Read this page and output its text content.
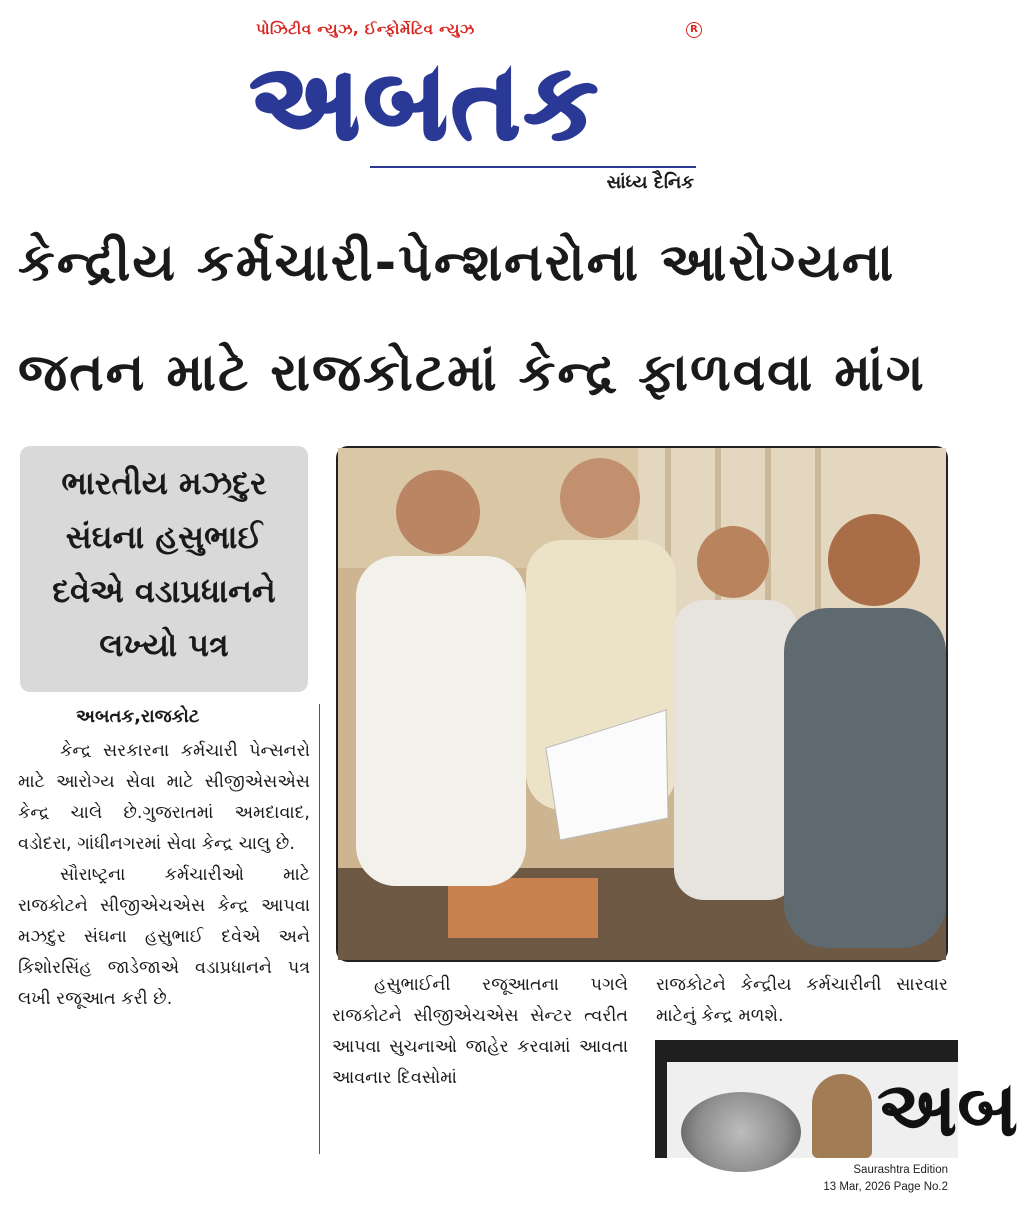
પોઝિટીવ ન્યુઝ, ઈન્ફોર્મેટિવ ન્યુઝ	R
અબતક
સાંધ્ય દૈનિક
કેન્દ્રીય કર્મચારી-પેન્શનરોના આરોગ્યના
જતન માટે રાજકોટમાં કેન્દ્ર ફાળવવા માંગ
ભારતીય મઝદુર સંઘના હસુભાઈ દવેએ વડાપ્રધાનને લખ્યો પત્ર
અબતક,રાજકોટ

કેન્દ્ર સરકારના કર્મચારી પેન્સનરો માટે આરોગ્ય સેવા માટે સીજીએસએસ કેન્દ્ર ચાલે છે.ગુજરાતમાં અમદાવાદ, વડોદરા, ગાંધીનગરમાં સેવા કેન્દ્ર ચાલુ છે.

સૌરાષ્ટ્રના કર્મચારીઓ માટે રાજકોટને સીજીએચએસ કેન્દ્ર આપવા મઝદુર સંઘના હસુભાઈ દવેએ અને કિશોરસિંહ જાડેજાએ વડાપ્રધાનને પત્ર લખી રજૂઆત કરી છે.

હસુભાઈની રજૂઆતના પગલે રાજકોટને સીજીએચએસ સેન્ટર ત્વરીત આપવા સુચનાઓ જાહેર કરવામાં આવતા આવનાર દિવસોમાં

રાજકોટને કેન્દ્રીય કર્મચારીની સારવાર માટેનું કેન્દ્ર મળશે.

અબ
Saurashtra Edition
13 Mar, 2026 Page No.2
